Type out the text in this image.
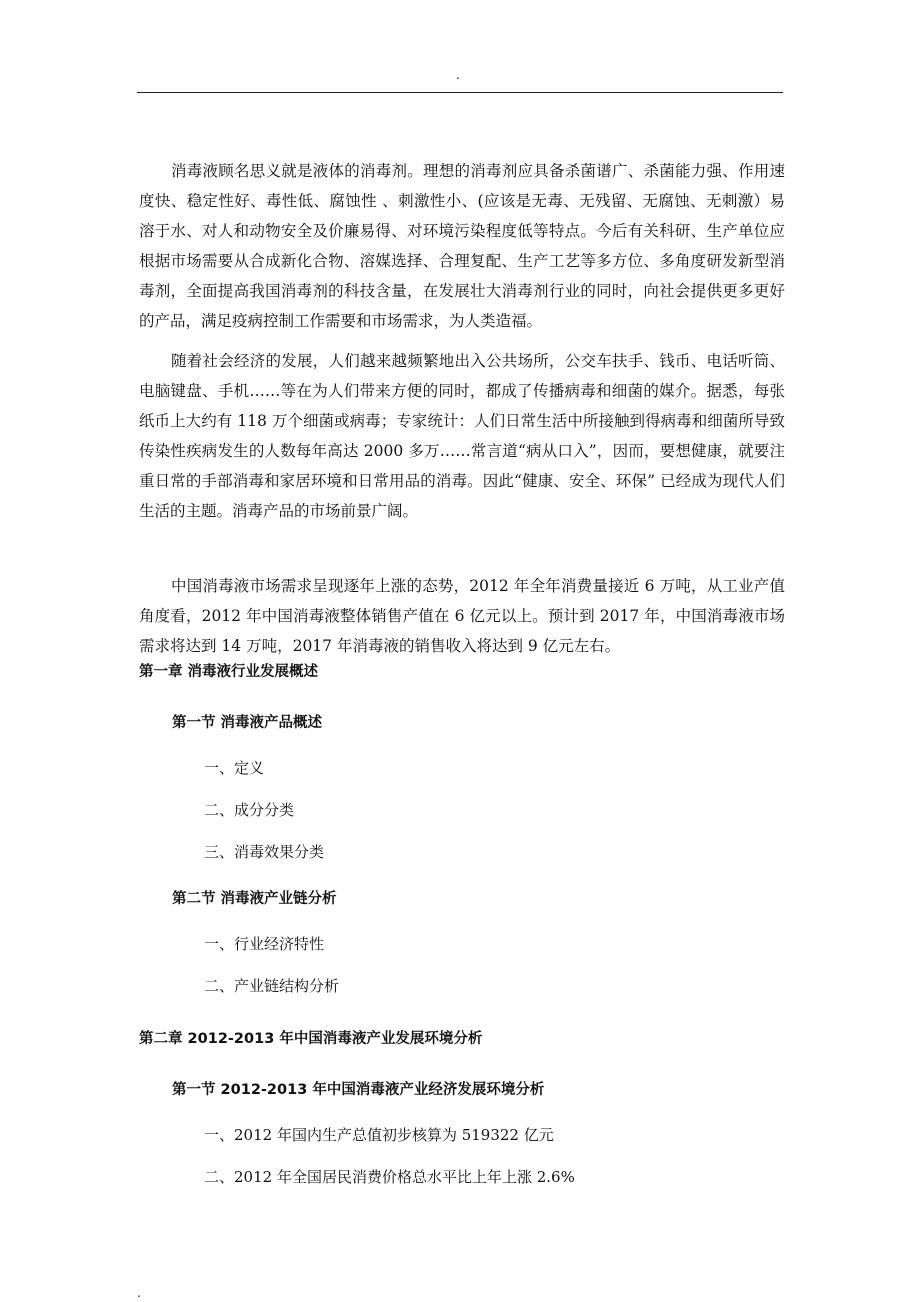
.

消毒液顾名思义就是液体的消毒剂。理想的消毒剂应具备杀菌谱广、杀菌能力强、作用速度快、稳定性好、毒性低、腐蚀性 、刺激性小、(应该是无毒、无残留、无腐蚀、无刺激）易溶于水、对人和动物安全及价廉易得、对环境污染程度低等特点。今后有关科研、生产单位应根据市场需要从合成新化合物、溶媒选择、合理复配、生产工艺等多方位、多角度研发新型消毒剂，全面提高我国消毒剂的科技含量，在发展壮大消毒剂行业的同时，向社会提供更多更好的产品，满足疫病控制工作需要和市场需求，为人类造福。

随着社会经济的发展，人们越来越频繁地出入公共场所，公交车扶手、钱币、电话听筒、电脑键盘、手机……等在为人们带来方便的同时，都成了传播病毒和细菌的媒介。据悉，每张纸币上大约有 118 万个细菌或病毒；专家统计：人们日常生活中所接触到得病毒和细菌所导致传染性疾病发生的人数每年高达 2000 多万……常言道“病从口入”，因而，要想健康，就要注重日常的手部消毒和家居环境和日常用品的消毒。因此“健康、安全、环保” 已经成为现代人们生活的主题。消毒产品的市场前景广阔。

中国消毒液市场需求呈现逐年上涨的态势，2012 年全年消费量接近 6 万吨，从工业产值角度看，2012 年中国消毒液整体销售产值在 6 亿元以上。预计到 2017 年，中国消毒液市场需求将达到 14 万吨，2017 年消毒液的销售收入将达到 9 亿元左右。

第一章 消毒液行业发展概述
第一节 消毒液产品概述
一、定义
二、成分分类
三、消毒效果分类
第二节 消毒液产业链分析
一、行业经济特性
二、产业链结构分析
第二章 2012-2013 年中国消毒液产业发展环境分析
第一节 2012-2013 年中国消毒液产业经济发展环境分析
一、2012 年国内生产总值初步核算为 519322 亿元
二、2012 年全国居民消费价格总水平比上年上涨 2.6%
.
